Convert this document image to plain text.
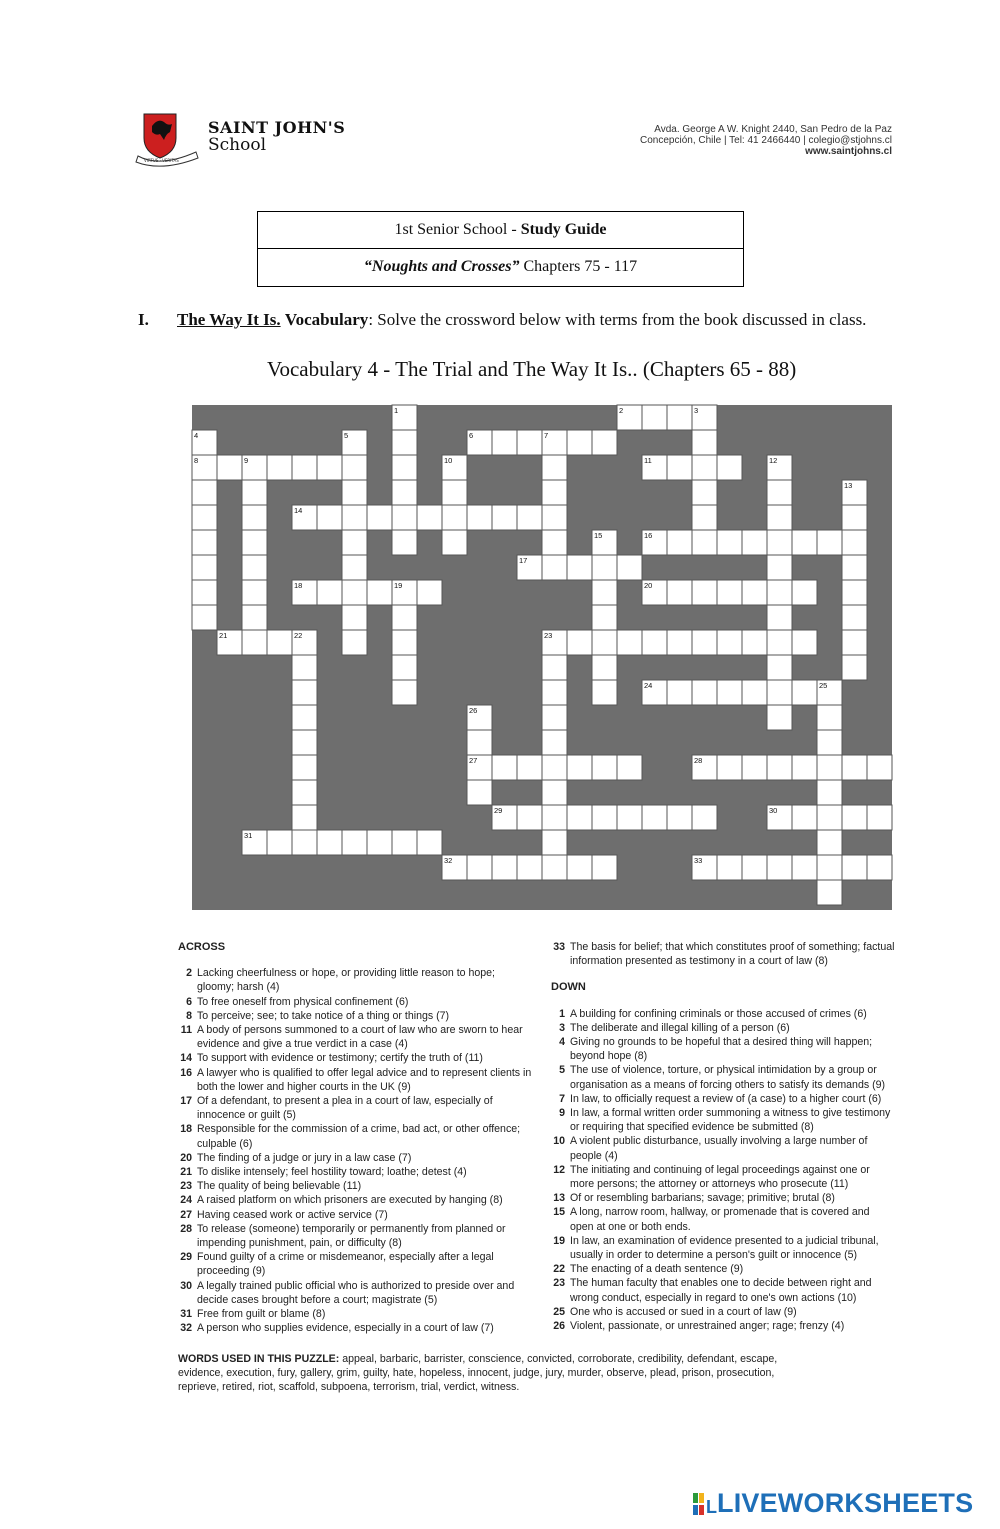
VIRTUS · VERITAS
SAINT JOHN'S
School
Avda. George A W. Knight 2440, San Pedro de la Paz
Concepción, Chile | Tel: 41 2466440 | colegio@stjohns.cl
www.saintjohns.cl
1st Senior School - Study Guide
“Noughts and Crosses” Chapters 75 - 117
I. The Way It Is. Vocabulary: Solve the crossword below with terms from the book discussed in class.
Vocabulary 4 - The Trial and The Way It Is.. (Chapters 65 - 88)
2
6
8	11
14
16
17
18	20
21	23
24
27	28
29	30
31
32	33
1	3
4	5	7
9	10	12
13
15
19
22
25
26
ACROSS
2 Lacking cheerfulness or hope, or providing little reason to hope; gloomy; harsh (4)
6 To free oneself from physical confinement (6)
8 To perceive; see; to take notice of a thing or things (7)
11 A body of persons summoned to a court of law who are sworn to hear evidence and give a true verdict in a case (4)
14 To support with evidence or testimony; certify the truth of (11)
16 A lawyer who is qualified to offer legal advice and to represent clients in both the lower and higher courts in the UK (9)
17 Of a defendant, to present a plea in a court of law, especially of innocence or guilt (5)
18 Responsible for the commission of a crime, bad act, or other offence; culpable (6)
20 The finding of a judge or jury in a law case (7)
21 To dislike intensely; feel hostility toward; loathe; detest (4)
23 The quality of being believable (11)
24 A raised platform on which prisoners are executed by hanging (8)
27 Having ceased work or active service (7)
28 To release (someone) temporarily or permanently from planned or impending punishment, pain, or difficulty (8)
29 Found guilty of a crime or misdemeanor, especially after a legal proceeding (9)
30 A legally trained public official who is authorized to preside over and decide cases brought before a court; magistrate (5)
31 Free from guilt or blame (8)
32 A person who supplies evidence, especially in a court of law (7)
33 The basis for belief; that which constitutes proof of something; factual information presented as testimony in a court of law (8)
DOWN
1 A building for confining criminals or those accused of crimes (6)
3 The deliberate and illegal killing of a person (6)
4 Giving no grounds to be hopeful that a desired thing will happen; beyond hope (8)
5 The use of violence, torture, or physical intimidation by a group or organisation as a means of forcing others to satisfy its demands (9)
7 In law, to officially request a review of (a case) to a higher court (6)
9 In law, a formal written order summoning a witness to give testimony or requiring that specified evidence be submitted (8)
10 A violent public disturbance, usually involving a large number of people (4)
12 The initiating and continuing of legal proceedings against one or more persons; the attorney or attorneys who prosecute (11)
13 Of or resembling barbarians; savage; primitive; brutal (8)
15 A long, narrow room, hallway, or promenade that is covered and open at one or both ends.
19 In law, an examination of evidence presented to a judicial tribunal, usually in order to determine a person's guilt or innocence (5)
22 The enacting of a death sentence (9)
23 The human faculty that enables one to decide between right and wrong conduct, especially in regard to one's own actions (10)
25 One who is accused or sued in a court of law (9)
26 Violent, passionate, or unrestrained anger; rage; frenzy (4)
WORDS USED IN THIS PUZZLE: appeal, barbaric, barrister, conscience, convicted, corroborate, credibility, defendant, escape, evidence, execution, fury, gallery, grim, guilty, hate, hopeless, innocent, judge, jury, murder, observe, plead, prison, prosecution, reprieve, retired, riot, scaffold, subpoena, terrorism, trial, verdict, witness.
L LIVEWORKSHEETS
